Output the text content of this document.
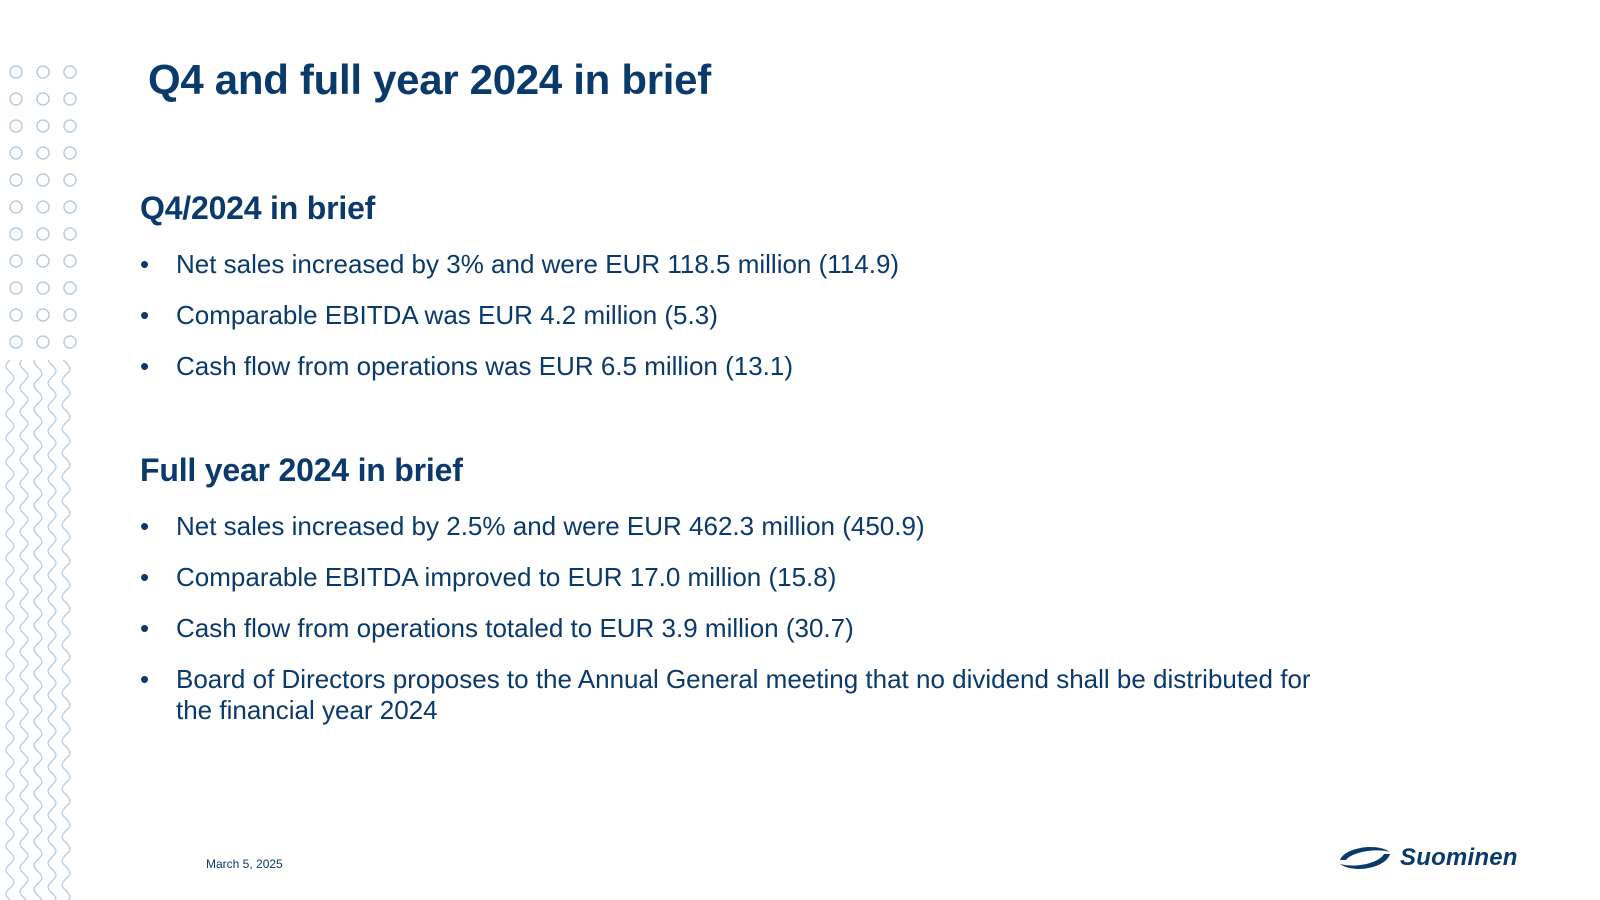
Q4 and full year 2024 in brief
Q4/2024 in brief
•	Net sales increased by 3% and were EUR 118.5 million (114.9)
•	Comparable EBITDA was EUR 4.2 million (5.3)
•	Cash flow from operations was EUR 6.5 million (13.1)
Full year 2024 in brief
•	Net sales increased by 2.5% and were EUR 462.3 million (450.9)
•	Comparable EBITDA improved to EUR 17.0 million (15.8)
•	Cash flow from operations totaled to EUR 3.9 million (30.7)
•	Board of Directors proposes to the Annual General meeting that no dividend shall be distributed for the financial year 2024
March 5, 2025	Suominen
